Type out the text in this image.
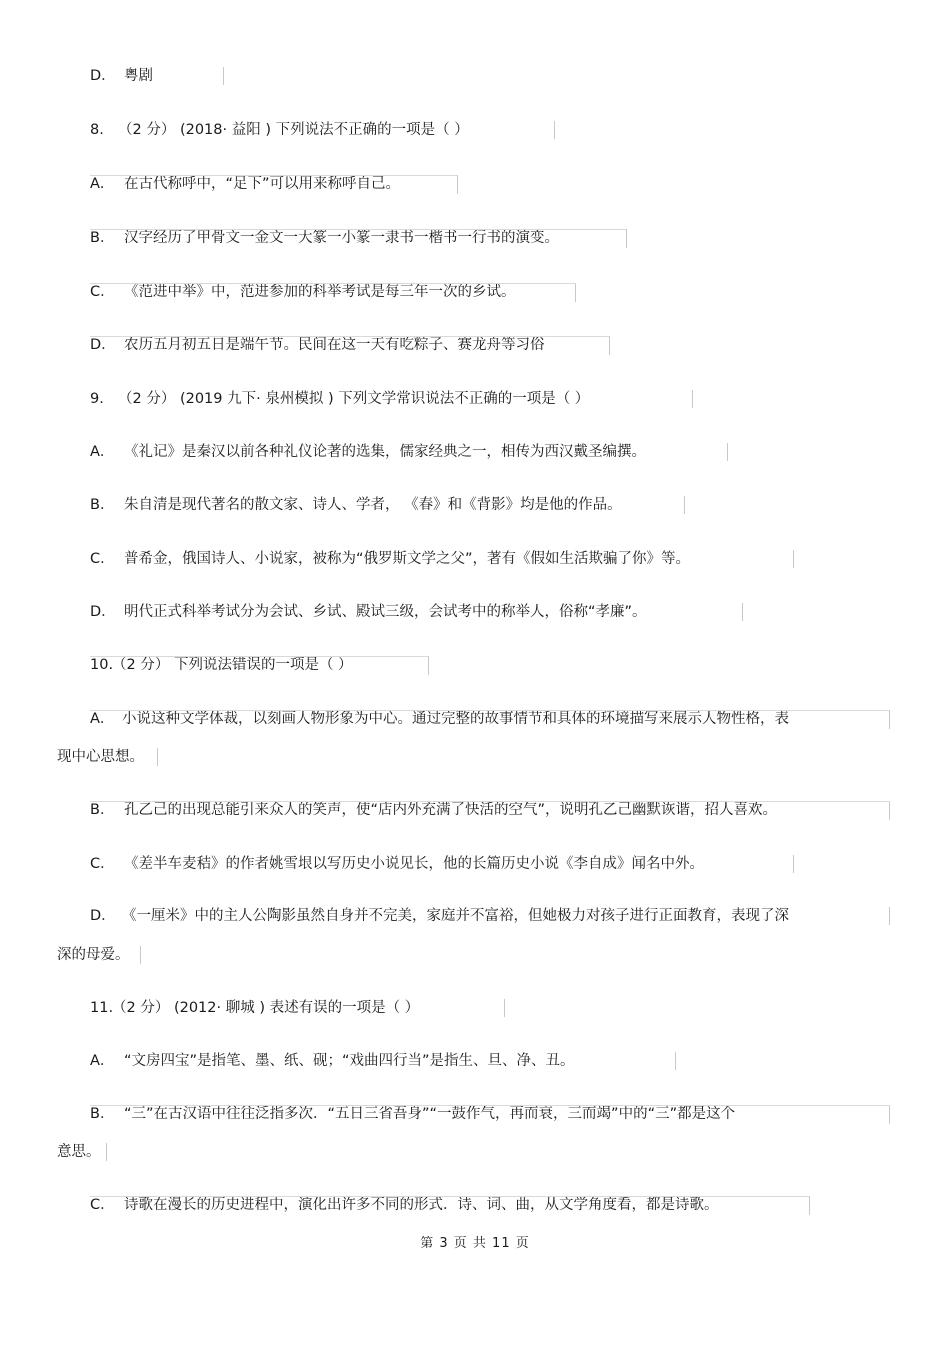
D． 粤剧
8. （2 分） (2018· 益阳 ) 下列说法不正确的一项是（ ）
A． 在古代称呼中，“足下”可以用来称呼自己。
B． 汉字经历了甲骨文一金文一大篆一小篆一隶书一楷书一行书的演变。
C． 《范进中举》中，范进参加的科举考试是每三年一次的乡试。
D． 农历五月初五日是端午节。民间在这一天有吃粽子、赛龙舟等习俗
9. （2 分） (2019 九下· 泉州模拟 ) 下列文学常识说法不正确的一项是（ ）
A． 《礼记》是秦汉以前各种礼仪论著的选集，儒家经典之一，相传为西汉戴圣编撰。
B． 朱自清是现代著名的散文家、诗人、学者， 《春》和《背影》均是他的作品。
C． 普希金，俄国诗人、小说家，被称为“俄罗斯文学之父”，著有《假如生活欺骗了你》等。
D． 明代正式科举考试分为会试、乡试、殿试三级，会试考中的称举人，俗称“孝廉”。
10.
（2 分） 下列说法错误的一项是（ ）
A． 小说这种文学体裁，以刻画人物形象为中心。通过完整的故事情节和具体的环境描写来展示人物性格，表
现中心思想。
B． 孔乙己的出现总能引来众人的笑声，使“店内外充满了快活的空气”，说明孔乙己幽默诙谐，招人喜欢。
C． 《差半车麦秸》的作者姚雪垠以写历史小说见长，他的长篇历史小说《李自成》闻名中外。
D． 《一厘米》中的主人公陶影虽然自身并不完美，家庭并不富裕，但她极力对孩子进行正面教育，表现了深
深的母爱。
11.
（2 分） (2012· 聊城 ) 表述有误的一项是（ ）
A． “文房四宝”是指笔、墨、纸、砚；“戏曲四行当”是指生、旦、净、丑。
B． “三”在古汉语中往往泛指多次．“五日三省吾身”“一鼓作气，再而衰，三而竭”中的“三”都是这个
意思。
C． 诗歌在漫长的历史进程中，演化出许多不同的形式．诗、词、曲，从文学角度看，都是诗歌。
第 3 页 共 11 页
